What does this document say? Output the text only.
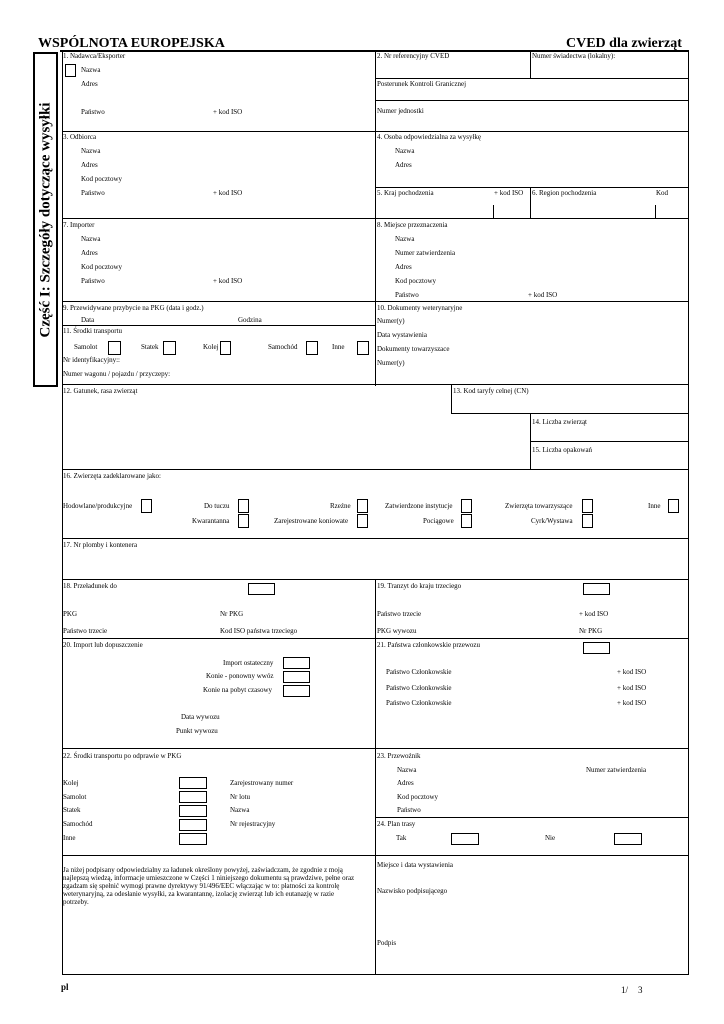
WSPÓLNOTA EUROPEJSKA	CVED dla zwierząt
Część I: Szczegóły dotyczące wysyłki
1. Nadawca/Eksporter
Nazwa
Adres
Państwo	+ kod ISO
2. Nr referencyjny CVED	Numer świadectwa (lokalny):
Posterunek Kontroli Granicznej
Numer jednostki
3. Odbiorca
Nazwa
Adres
Kod pocztowy
Państwo	+ kod ISO
4. Osoba odpowiedzialna za wysyłkę
Nazwa
Adres
5. Kraj pochodzenia	+ kod ISO 6. Region pochodzenia	Kod
7. Importer
Nazwa
Adres
Kod pocztowy
Państwo	+ kod ISO
8. Miejsce przeznaczenia
Nazwa
Numer zatwierdzenia
Adres
Kod pocztowy
Państwo	+ kod ISO
9. Przewidywane przybycie na PKG (data i godz.)
Data	Godzina
10. Dokumenty weterynaryjne
Numer(y)
Data wystawienia
Dokumenty towarzyszace
Numer(y)
11. Środki transportu
Samolot	Statek	Kolej	Samochód	Inne
Nr identyfikacyjny::
Numer wagonu / pojazdu / przyczepy:
12. Gatunek, rasa zwierząt	13. Kod taryfy celnej (CN)
14. Liczba zwierząt
15. Liczba opakowań
16. Zwierzęta zadeklarowane jako:
Hodowlane/produkcyjne	Do tuczu	Rzeźne	Zatwierdzone instytucje	Zwierzęta towarzyszące	Inne
Kwarantanna	Zarejestrowane koniowate	Pociągowe	Cyrk/Wystawa
17. Nr plomby i kontenera
18. Przeładunek do
PKG	Nr PKG
Państwo trzecie	Kod ISO państwa trzeciego
19. Tranzyt do kraju trzeciego
Państwo trzecie	+ kod ISO
PKG wywozu	Nr PKG
20. Import lub dopuszczenie
Import ostateczny
Konie - ponowny wwóz
Konie na pobyt czasowy
Data wywozu
Punkt wywozu
21. Państwa członkowskie przewozu
Państwo Członkowskie	+ kod ISO
Państwo Członkowskie	+ kod ISO
Państwo Członkowskie	+ kod ISO
22. Środki transportu po odprawie w PKG
Kolej	Zarejestrowany numer
Samolot	Nr lotu
Statek	Nazwa
Samochód	Nr rejestracyjny
Inne
23. Przewoźnik
Nazwa	Numer zatwierdzenia
Adres
Kod pocztowy
Państwo
24. Plan trasy
Tak	Nie
Ja niżej podpisany odpowiedzialny za ładunek określony powyżej, zaświadczam, że zgodnie z moją
najlepszą wiedzą, informacje umieszczone w Części 1 niniejszego dokumentu są prawdziwe, pełne oraz
zgadzam się spełnić wymogi prawne dyrektywy 91/496/EEC włączając w to: płatności za kontrolę
weterynaryjną, za odesłanie wysyłki, za kwarantannę, izolację zwierząt lub ich eutanazję w razie
potrzeby.
Miejsce i data wystawienia
Nazwisko podpisującego
Podpis
pl	1/ 3
